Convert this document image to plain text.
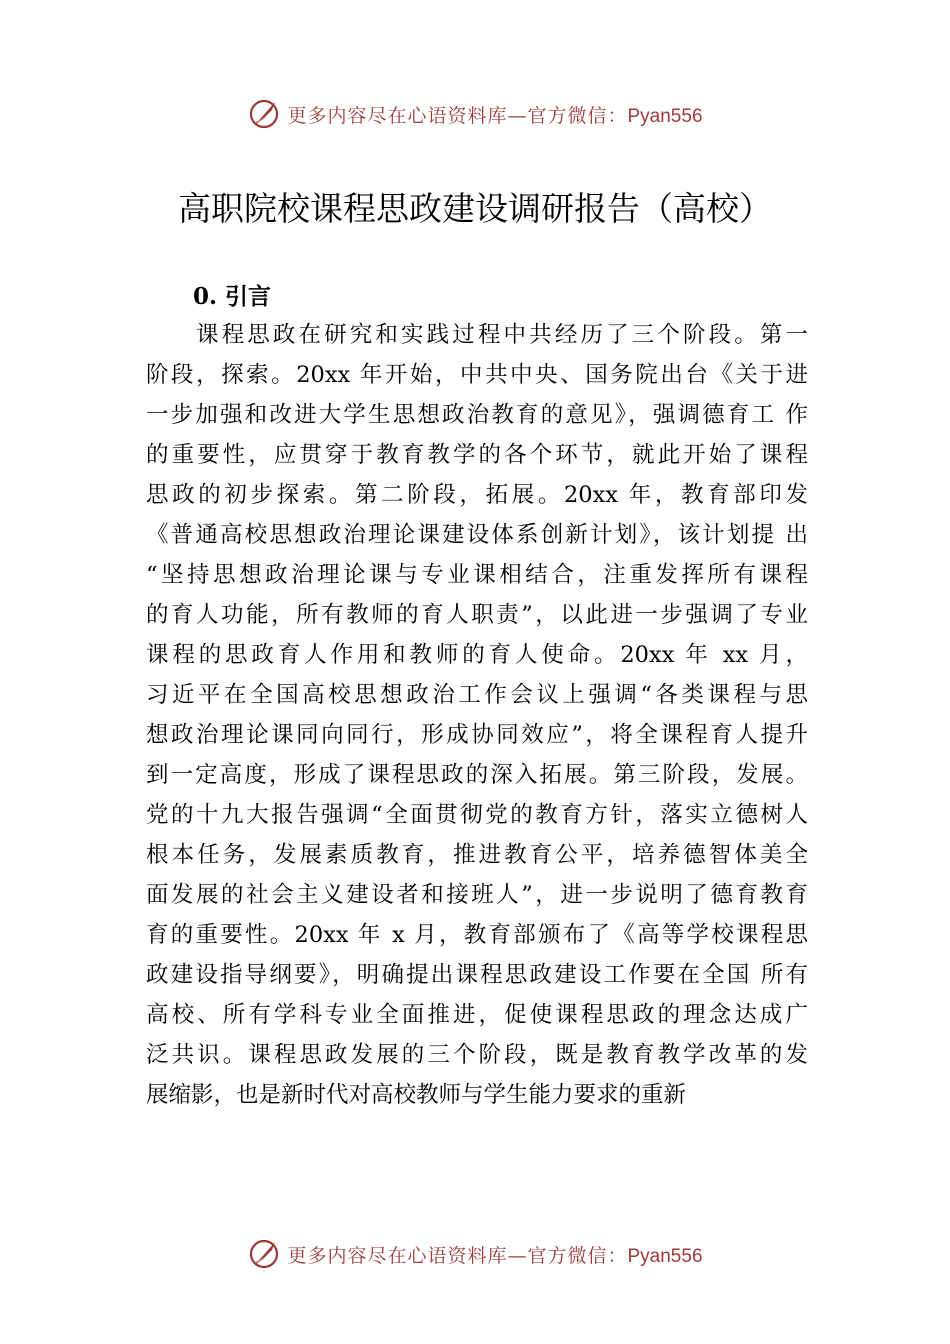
更多内容尽在心语资料库—官方微信：Pyan556
高职院校课程思政建设调研报告（高校）
0. 引言
课程思政在研究和实践过程中共经历了三个阶段。第一
阶段，探索。20xx 年开始，中共中央、国务院出台《关于进
一步加强和改进大学生思想政治教育的意见》，强调德育工 作
的重要性，应贯穿于教育教学的各个环节，就此开始了课程
思政的初步探索。第二阶段，拓展。20xx 年，教育部印发
《普通高校思想政治理论课建设体系创新计划》，该计划提 出
“坚持思想政治理论课与专业课相结合，注重发挥所有课程
的育人功能，所有教师的育人职责”，以此进一步强调了专业
课程的思政育人作用和教师的育人使命。20xx 年 xx 月，
习近平在全国高校思想政治工作会议上强调“各类课程与思
想政治理论课同向同行，形成协同效应”，将全课程育人提升
到一定高度，形成了课程思政的深入拓展。第三阶段，发展。
党的十九大报告强调“全面贯彻党的教育方针，落实立德树人
根本任务，发展素质教育，推进教育公平，培养德智体美全
面发展的社会主义建设者和接班人”，进一步说明了德育教育
育的重要性。20xx 年 x 月，教育部颁布了《高等学校课程思
政建设指导纲要》，明确提出课程思政建设工作要在全国 所有
高校、所有学科专业全面推进，促使课程思政的理念达成广
泛共识。课程思政发展的三个阶段，既是教育教学改革的发
展缩影，也是新时代对高校教师与学生能力要求的重新
更多内容尽在心语资料库—官方微信：Pyan556
